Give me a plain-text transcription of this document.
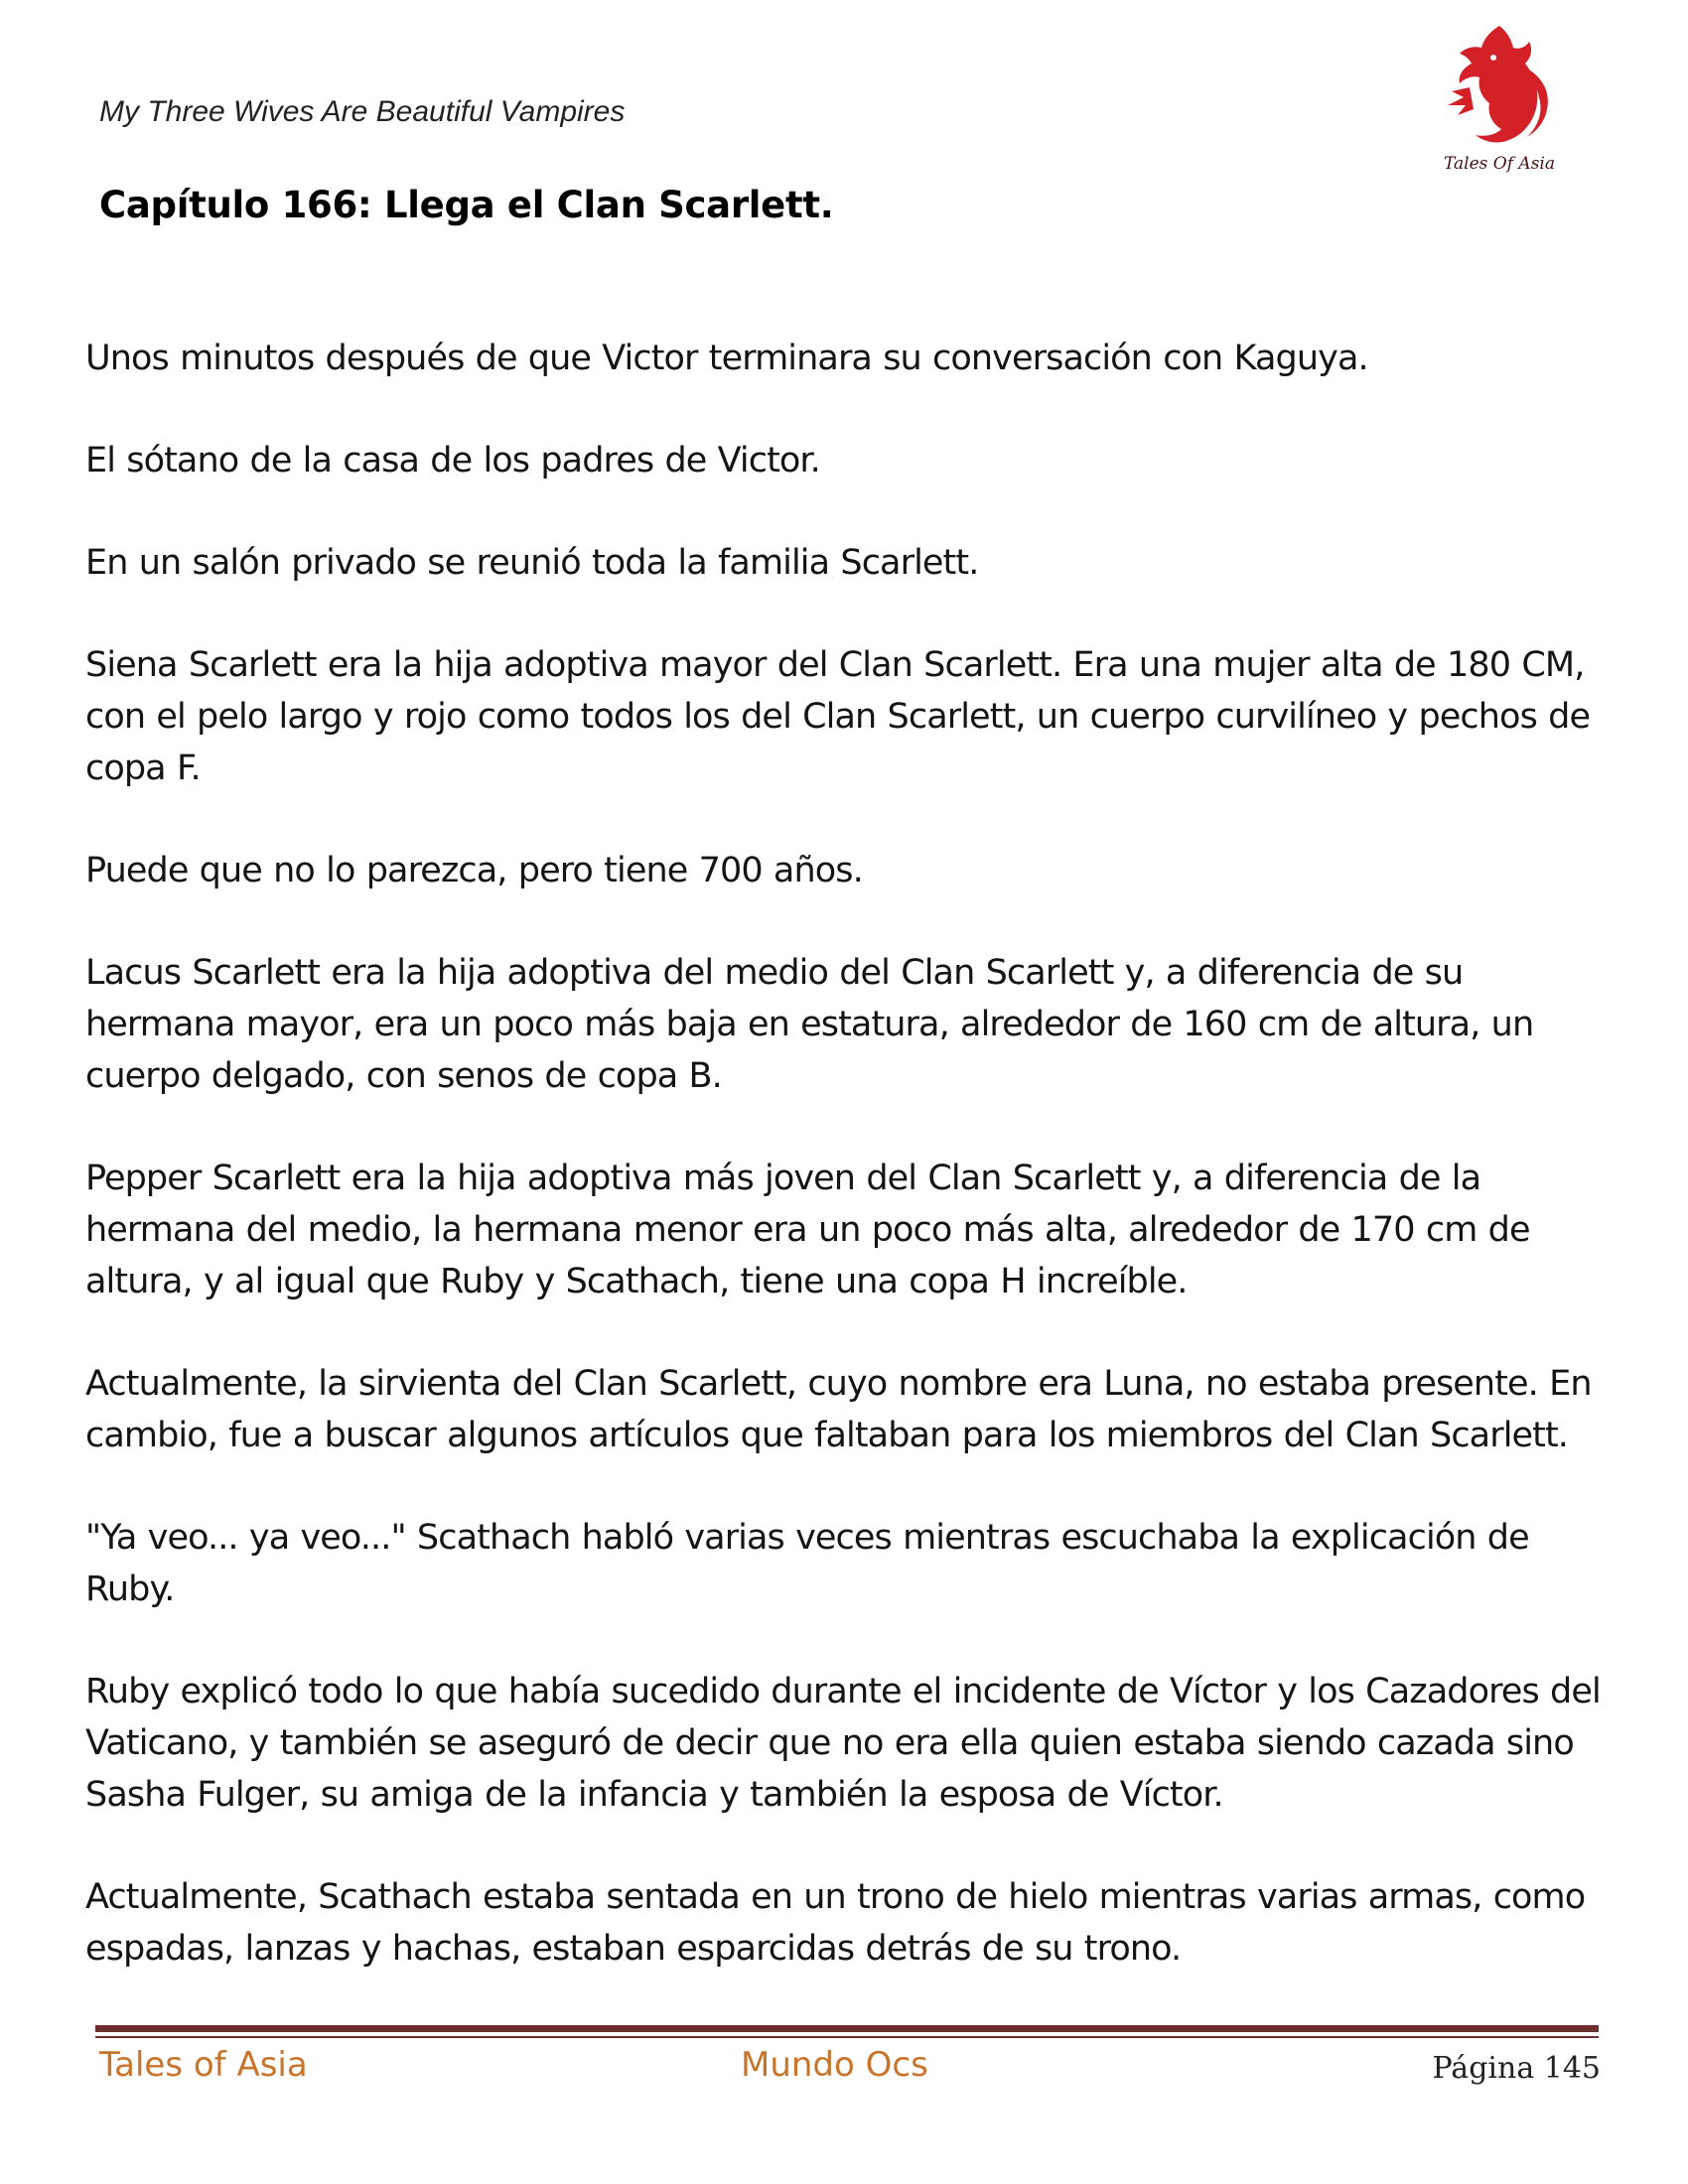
My Three Wives Are Beautiful Vampires
Tales Of Asia
Capítulo 166: Llega el Clan Scarlett.

Unos minutos después de que Victor terminara su conversación con Kaguya.

El sótano de la casa de los padres de Victor.

En un salón privado se reunió toda la familia Scarlett.

Siena Scarlett era la hija adoptiva mayor del Clan Scarlett. Era una mujer alta de 180 CM, con el pelo largo y rojo como todos los del Clan Scarlett, un cuerpo curvilíneo y pechos de copa F.

Puede que no lo parezca, pero tiene 700 años.

Lacus Scarlett era la hija adoptiva del medio del Clan Scarlett y, a diferencia de su hermana mayor, era un poco más baja en estatura, alrededor de 160 cm de altura, un cuerpo delgado, con senos de copa B.

Pepper Scarlett era la hija adoptiva más joven del Clan Scarlett y, a diferencia de la hermana del medio, la hermana menor era un poco más alta, alrededor de 170 cm de altura, y al igual que Ruby y Scathach, tiene una copa H increíble.

Actualmente, la sirvienta del Clan Scarlett, cuyo nombre era Luna, no estaba presente. En cambio, fue a buscar algunos artículos que faltaban para los miembros del Clan Scarlett.

"Ya veo... ya veo..." Scathach habló varias veces mientras escuchaba la explicación de Ruby.

Ruby explicó todo lo que había sucedido durante el incidente de Víctor y los Cazadores del Vaticano, y también se aseguró de decir que no era ella quien estaba siendo cazada sino Sasha Fulger, su amiga de la infancia y también la esposa de Víctor.

Actualmente, Scathach estaba sentada en un trono de hielo mientras varias armas, como espadas, lanzas y hachas, estaban esparcidas detrás de su trono.

Tales of Asia	Mundo Ocs	Página 145
